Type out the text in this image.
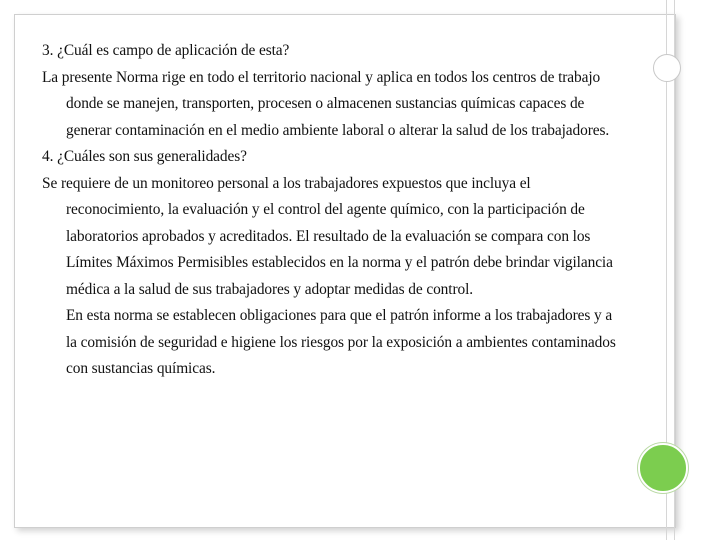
3. ¿Cuál es campo de aplicación de esta?

La presente Norma rige en todo el territorio nacional y aplica en todos los centros de trabajo donde se manejen, transporten, procesen o almacenen sustancias químicas capaces de generar contaminación en el medio ambiente laboral o alterar la salud de los trabajadores.

4. ¿Cuáles son sus generalidades?

Se requiere de un monitoreo personal a los trabajadores expuestos que incluya el reconocimiento, la evaluación y el control del agente químico, con la participación de laboratorios aprobados y acreditados. El resultado de la evaluación se compara con los Límites Máximos Permisibles establecidos en la norma y el patrón debe brindar vigilancia médica a la salud de sus trabajadores y adoptar medidas de control.

En esta norma se establecen obligaciones para que el patrón informe a los trabajadores y a la comisión de seguridad e higiene los riesgos por la exposición a ambientes contaminados con sustancias químicas.
